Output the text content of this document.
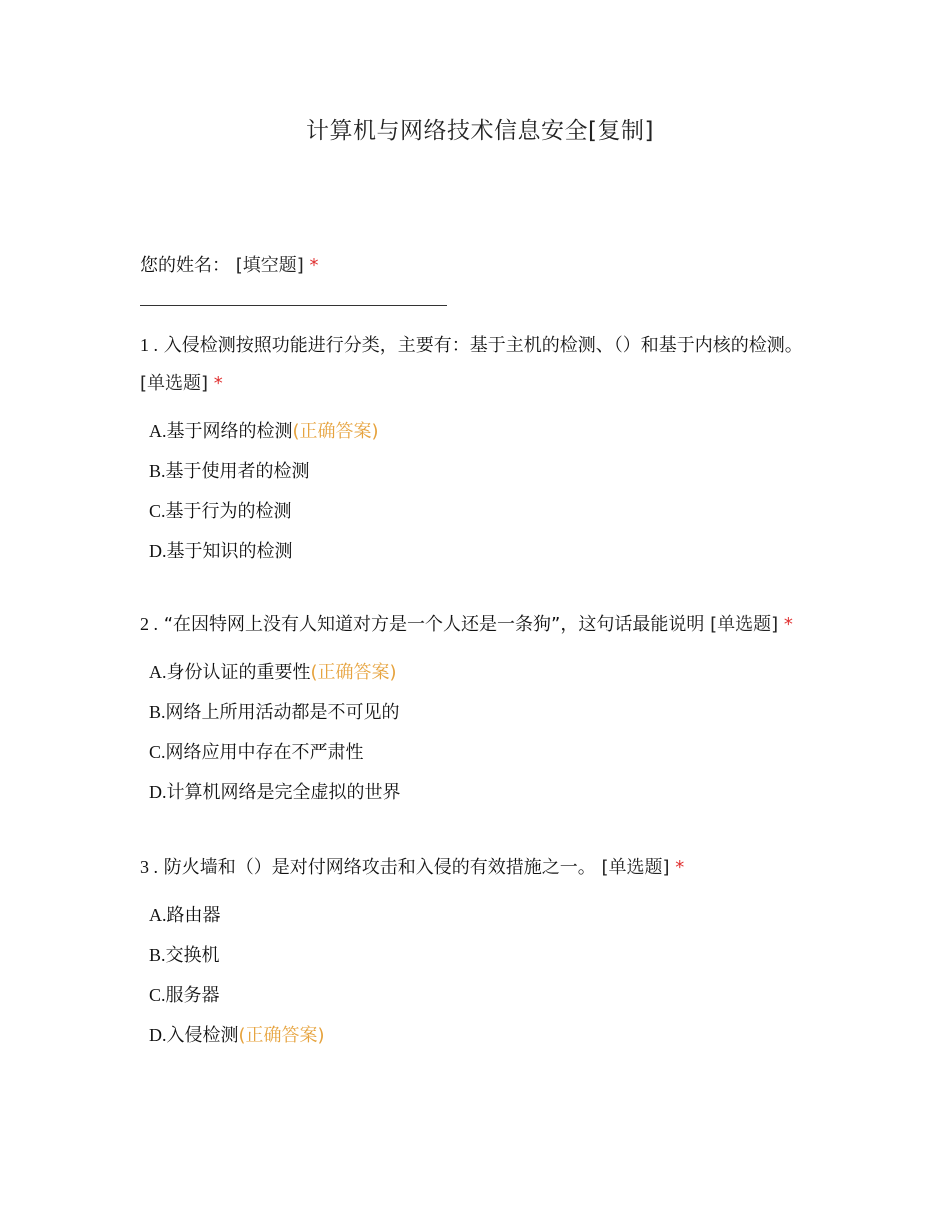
计算机与网络技术信息安全[复制]
您的姓名： [填空题] *
1 . 入侵检测按照功能进行分类，主要有：基于主机的检测、（）和基于内核的检测。 [单选题] *
A.基于网络的检测(正确答案)
B.基于使用者的检测
C.基于行为的检测
D.基于知识的检测
2 . “在因特网上没有人知道对方是一个人还是一条狗”，这句话最能说明 [单选题] *
A.身份认证的重要性(正确答案)
B.网络上所用活动都是不可见的
C.网络应用中存在不严肃性
D.计算机网络是完全虚拟的世界
3 . 防火墙和（）是对付网络攻击和入侵的有效措施之一。 [单选题] *
A.路由器
B.交换机
C.服务器
D.入侵检测(正确答案)
